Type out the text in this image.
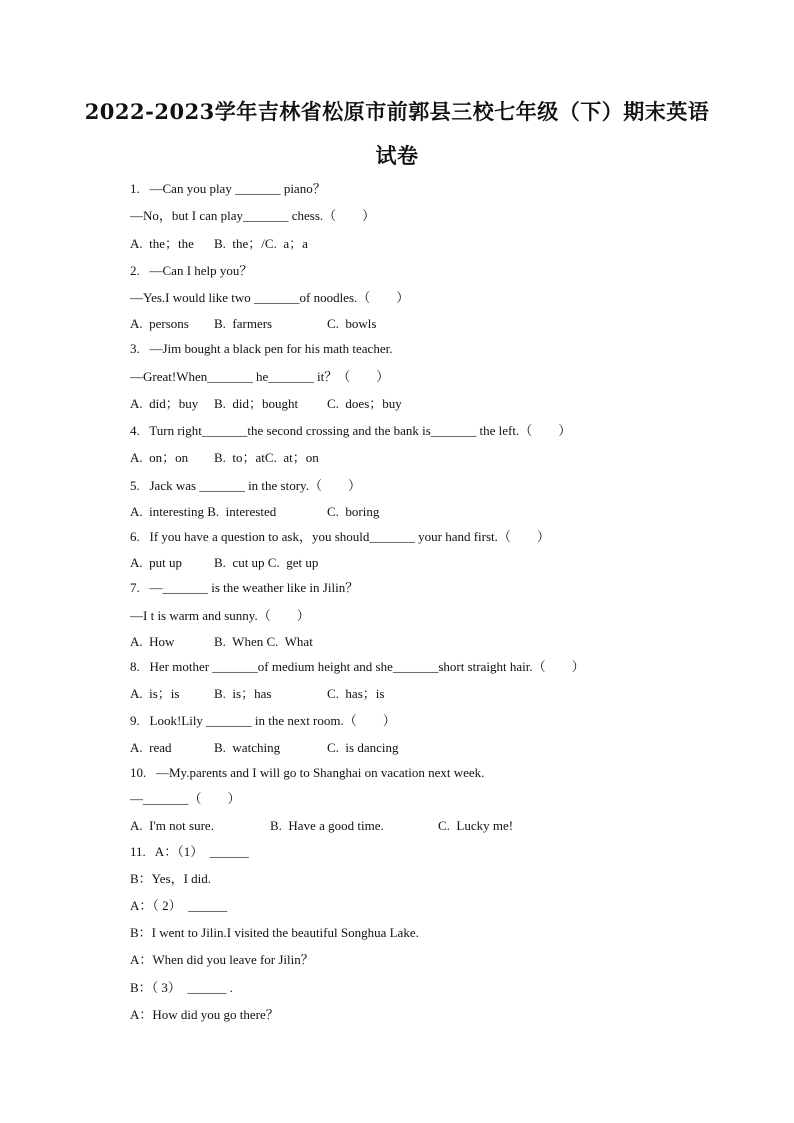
2022-2023学年吉林省松原市前郭县三校七年级（下）期末英语
试卷
1.   —Can you play _______ piano？
—No，but I can play_______ chess.（        ）

A.  the；the

B.  the；/C.  a；a

2.   —Can I help you？
—Yes.I would like two _______of noodles.（        ）

A.  persons

B.  farmers

	C.  bowls

3.   —Jim bought a black pen for his math teacher.
—Great!When_______ he_______ it？（        ）

A.  did；buy

B.  did；bought

C.  does；buy

4.   Turn right_______the second crossing and the bank is_______ the left.（        ）

A.  on；on

B.  to；atC.  at；on

5.   Jack was _______ in the story.（        ）

A.  interesting B.  interested

	C.  boring

6.   If you have a question to ask，you should_______ your hand first.（        ）

A.  put up

B.  cut up C.  get up

7.   —_______ is the weather like in Jilin？
—I t is warm and sunny.（        ）

A.  How

	B.  When C.  What

8.   Her mother _______of medium height and she_______short straight hair.（        ）

A.  is；is

	B.  is；has

	C.  has；is

9.   Look!Lily _______ in the next room.（        ）

A.  read

	B.  watching

	C.  is dancing

10.   —My.parents and I will go to Shanghai on vacation next week.
—_______（        ）

A.  I'm not sure.

	B.  Have a good time.

	C.  Lucky me!

11.   A：（1）  ______
B：Yes，I did.
A：（ 2）  ______
B：I went to Jilin.I visited the beautiful Songhua Lake.
A：When did you leave for Jilin？
B：（ 3）  ______ .
A：How did you go there？
